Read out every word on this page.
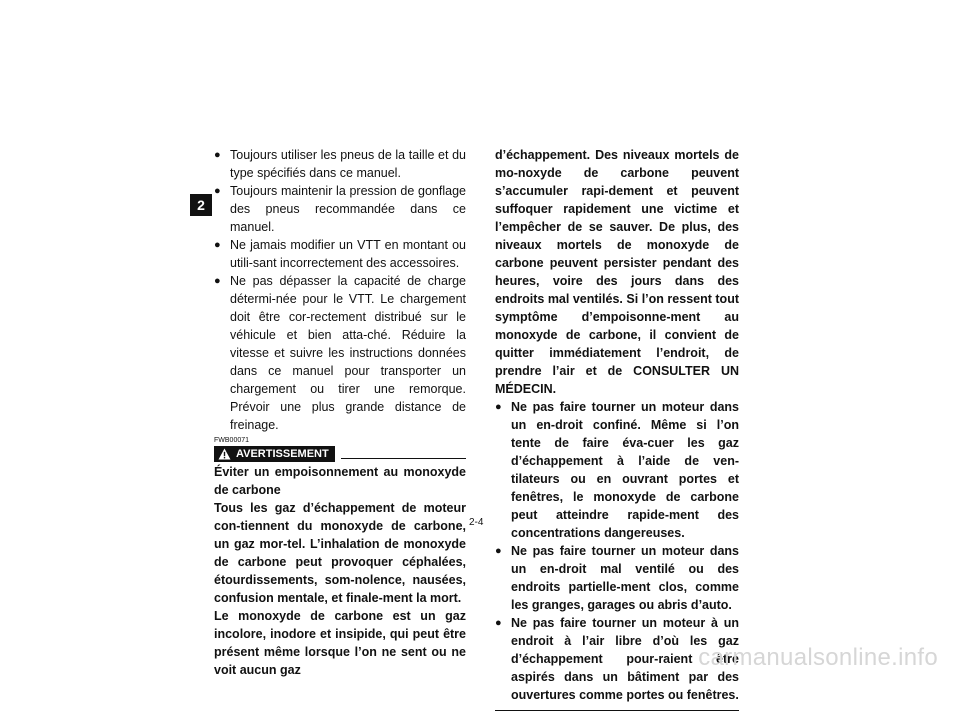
2
● Toujours utiliser les pneus de la taille et du type spécifiés dans ce manuel.
● Toujours maintenir la pression de gonflage des pneus recommandée dans ce manuel.
● Ne jamais modifier un VTT en montant ou utili-sant incorrectement des accessoires.
● Ne pas dépasser la capacité de charge détermi-née pour le VTT. Le chargement doit être cor-rectement distribué sur le véhicule et bien atta-ché. Réduire la vitesse et suivre les instructions données dans ce manuel pour transporter un chargement ou tirer une remorque. Prévoir une plus grande distance de freinage.
FWB00071
AVERTISSEMENT
Éviter un empoisonnement au monoxyde de carbone
Tous les gaz d’échappement de moteur con-tiennent du monoxyde de carbone, un gaz mor-tel. L’inhalation de monoxyde de carbone peut provoquer céphalées, étourdissements, som-nolence, nausées, confusion mentale, et finale-ment la mort.
Le monoxyde de carbone est un gaz incolore, inodore et insipide, qui peut être présent même lorsque l’on ne sent ou ne voit aucun gaz
d’échappement. Des niveaux mortels de mo-noxyde de carbone peuvent s’accumuler rapi-dement et peuvent suffoquer rapidement une victime et l’empêcher de se sauver. De plus, des niveaux mortels de monoxyde de carbone peuvent persister pendant des heures, voire des jours dans des endroits mal ventilés. Si l’on ressent tout symptôme d’empoisonne-ment au monoxyde de carbone, il convient de quitter immédiatement l’endroit, de prendre l’air et de CONSULTER UN MÉDECIN.
● Ne pas faire tourner un moteur dans un en-droit confiné. Même si l’on tente de faire éva-cuer les gaz d’échappement à l’aide de ven-tilateurs ou en ouvrant portes et fenêtres, le monoxyde de carbone peut atteindre rapide-ment des concentrations dangereuses.
● Ne pas faire tourner un moteur dans un en-droit mal ventilé ou des endroits partielle-ment clos, comme les granges, garages ou abris d’auto.
● Ne pas faire tourner un moteur à un endroit à l’air libre d’où les gaz d’échappement pour-raient être aspirés dans un bâtiment par des ouvertures comme portes ou fenêtres.
2-4
carmanualsonline.info
